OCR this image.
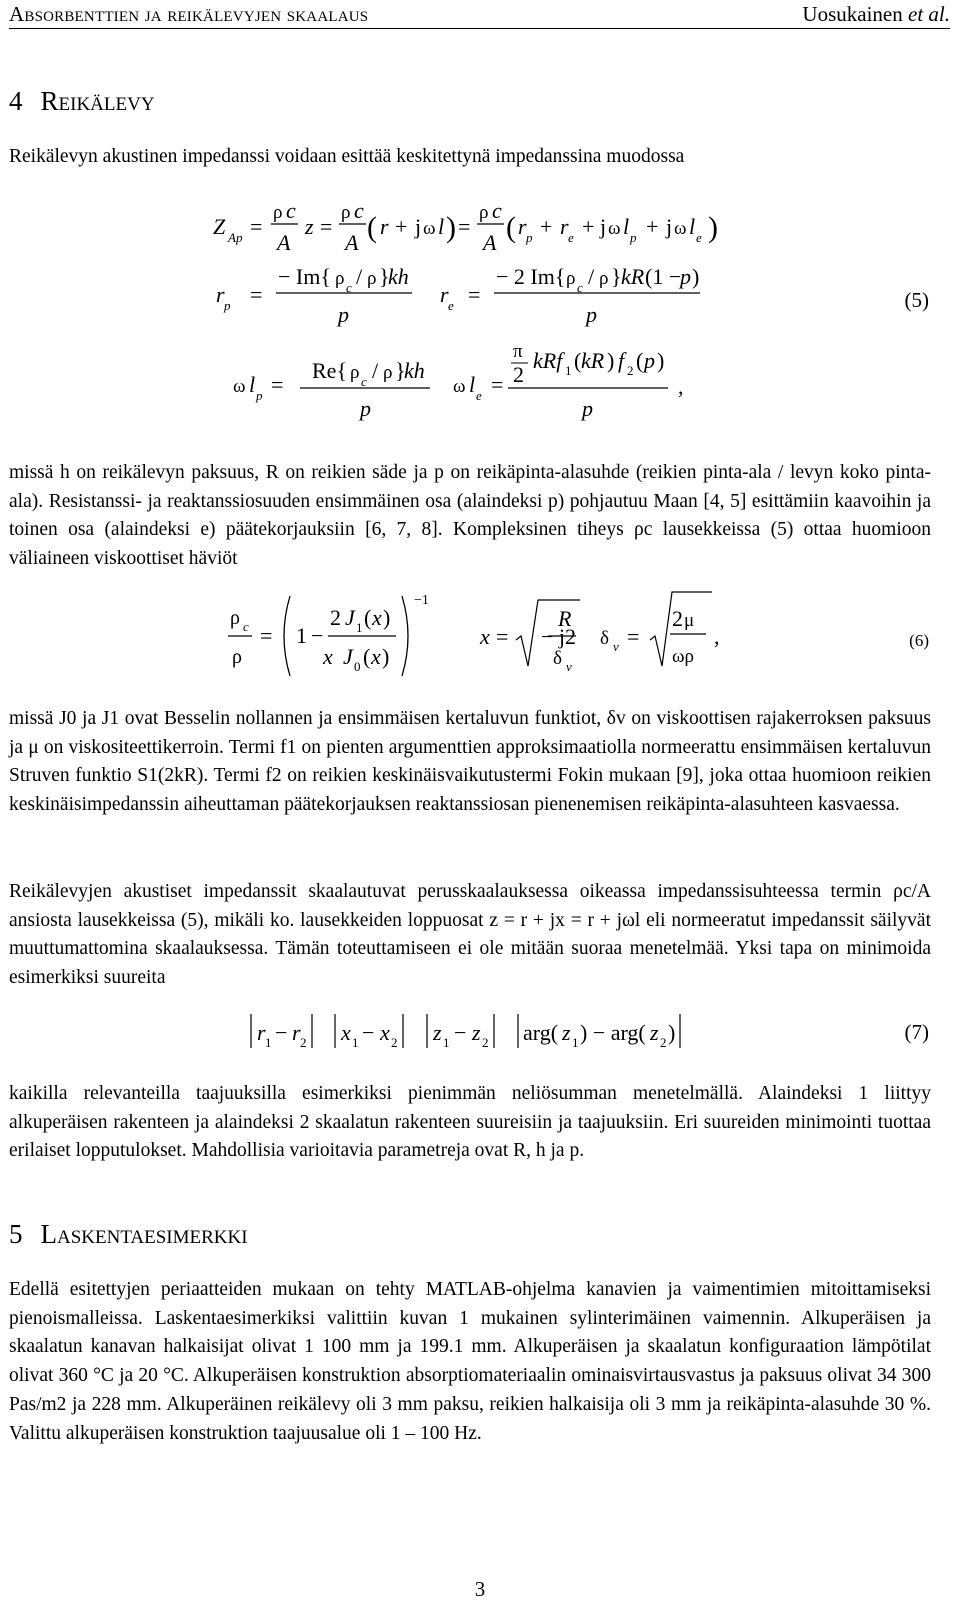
Absorbenttien ja reikälevyjen skaalaus	Uosukainen et al.
4 Reikälevy

Reikälevyn akustinen impedanssi voidaan esittää keskitettynä impedanssina muodossa

Z Ap =
ρ c
A
z =
ρ c
A ( r + j ω l ) =
ρ c
A ( r p + r e + j ω l p + j ω l e )
r p =
− Im{ ρ c / ρ }
kh
p
r e =
− 2 Im{ ρ c / ρ } kR (1 −
p )
p
ω l p =
Re{ ρ c / ρ }
kh
p
ω l e =
π
2
kRf 1 ( kR ) f 2 ( p )
p
,
(5)

missä h on reikälevyn paksuus, R on reikien säde ja p on reikäpinta-alasuhde (reikien pinta-ala / levyn koko pinta-ala). Resistanssi- ja reaktanssiosuuden ensimmäinen osa (alaindeksi p) pohjautuu Maan [4, 5] esittämiin kaavoihin ja toinen osa (alaindeksi e) päätekorjauksiin [6, 7, 8]. Kompleksinen tiheys ρc lausekkeissa (5) ottaa huomioon väliaineen viskoottiset häviöt

ρ c
ρ
= 1 −
2 J 1 ( x )
x J 0 ( x )
−1
x = − j2
R
δ v
δ v =
2 μ
ωρ
,	(6)

missä J0 ja J1 ovat Besselin nollannen ja ensimmäisen kertaluvun funktiot, δv on viskoottisen rajakerroksen paksuus ja μ on viskositeettikerroin. Termi f1 on pienten argumenttien approksimaatiolla normeerattu ensimmäisen kertaluvun Struven funktio S1(2kR). Termi f2 on reikien keskinäisvaikutustermi Fokin mukaan [9], joka ottaa huomioon reikien keskinäisimpedanssin aiheuttaman päätekorjauksen reaktanssiosan pienenemisen reikäpinta-alasuhteen kasvaessa.

Reikälevyjen akustiset impedanssit skaalautuvat perusskaalauksessa oikeassa impedanssisuhteessa termin ρc/A ansiosta lausekkeissa (5), mikäli ko. lausekkeiden loppuosat z = r + jx = r + jωl eli normeeratut impedanssit säilyvät muuttumattomina skaalauksessa. Tämän toteuttamiseen ei ole mitään suoraa menetelmää. Yksi tapa on minimoida esimerkiksi suureita

r 1 − r 2 x 1 − x 2 z 1 − z 2 arg( z 1 ) − arg( z 2 )	(7)

kaikilla relevanteilla taajuuksilla esimerkiksi pienimmän neliösumman menetelmällä. Alaindeksi 1 liittyy alkuperäisen rakenteen ja alaindeksi 2 skaalatun rakenteen suureisiin ja taajuuksiin. Eri suureiden minimointi tuottaa erilaiset lopputulokset. Mahdollisia varioitavia parametreja ovat R, h ja p.

5 Laskentaesimerkki

Edellä esitettyjen periaatteiden mukaan on tehty MATLAB-ohjelma kanavien ja vaimentimien mitoittamiseksi pienoismalleissa. Laskentaesimerkiksi valittiin kuvan 1 mukainen sylinterimäinen vaimennin. Alkuperäisen ja skaalatun kanavan halkaisijat olivat 1 100 mm ja 199.1 mm. Alkuperäisen ja skaalatun konfiguraation lämpötilat olivat 360 °C ja 20 °C. Alkuperäisen konstruktion absorptiomateriaalin ominaisvirtausvastus ja paksuus olivat 34 300 Pas/m2 ja 228 mm. Alkuperäinen reikälevy oli 3 mm paksu, reikien halkaisija oli 3 mm ja reikäpinta-alasuhde 30 %. Valittu alkuperäisen konstruktion taajuusalue oli 1 – 100 Hz.

3
